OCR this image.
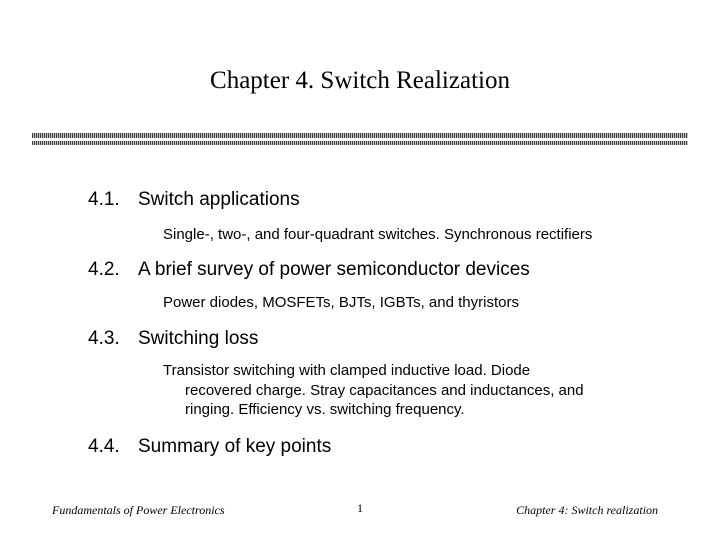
Chapter 4. Switch Realization
4.1. Switch applications
Single-, two-, and four-quadrant switches. Synchronous rectifiers
4.2. A brief survey of power semiconductor devices
Power diodes, MOSFETs, BJTs, IGBTs, and thyristors
4.3. Switching loss
Transistor switching with clamped inductive load. Diode
recovered charge. Stray capacitances and inductances, and
ringing. Efficiency vs. switching frequency.
4.4. Summary of key points
Fundamentals of Power Electronics	1	Chapter 4: Switch realization
